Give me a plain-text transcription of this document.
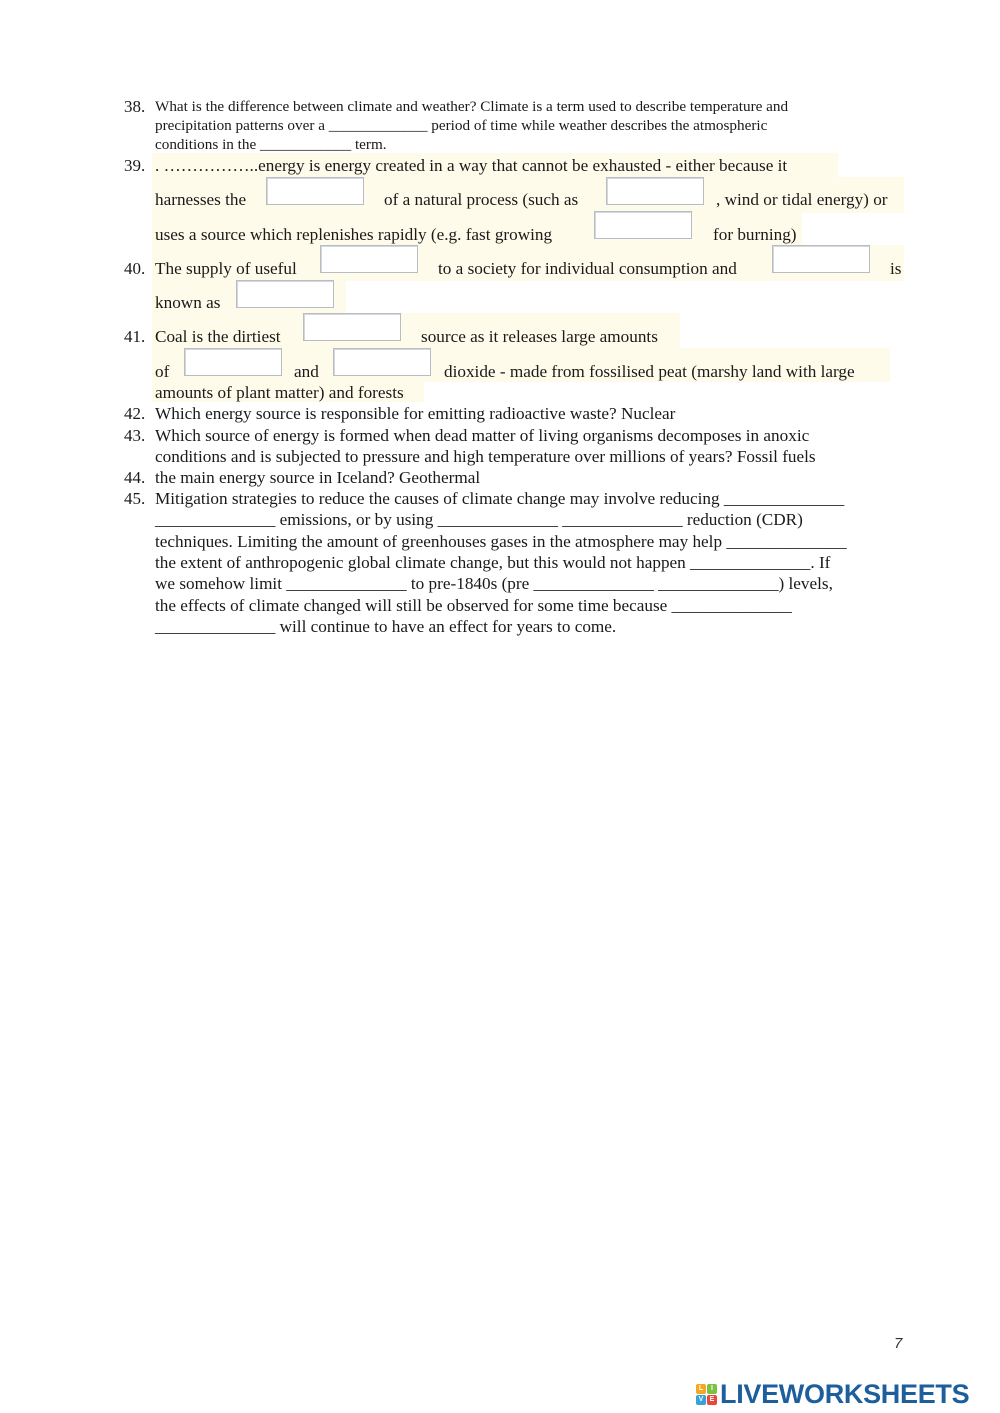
38. What is the difference between climate and weather? Climate is a term used to describe temperature and
precipitation patterns over a _____________ period of time while weather describes the atmospheric
conditions in the ____________ term.
39. . ……………..energy is energy created in a way that cannot be exhausted - either because it
harnesses the	of a natural process (such as	, wind or tidal energy) or
uses a source which replenishes rapidly (e.g. fast growing	for burning)
40. The supply of useful	to a society for individual consumption and	is
known as
41. Coal is the dirtiest	source as it releases large amounts
of	and	dioxide - made from fossilised peat (marshy land with large
amounts of plant matter) and forests
42. Which energy source is responsible for emitting radioactive waste? Nuclear
43. Which source of energy is formed when dead matter of living organisms decomposes in anoxic
conditions and is subjected to pressure and high temperature over millions of years? Fossil fuels
44. the main energy source in Iceland? Geothermal
45. Mitigation strategies to reduce the causes of climate change may involve reducing ______________
______________ emissions, or by using ______________ ______________ reduction (CDR)
techniques. Limiting the amount of greenhouses gases in the atmosphere may help ______________
the extent of anthropogenic global climate change, but this would not happen ______________. If
we somehow limit ______________ to pre-1840s (pre ______________ ______________) levels,
the effects of climate changed will still be observed for some time because ______________
______________ will continue to have an effect for years to come.
7
L	I
V E LIVEWORKSHEETS
